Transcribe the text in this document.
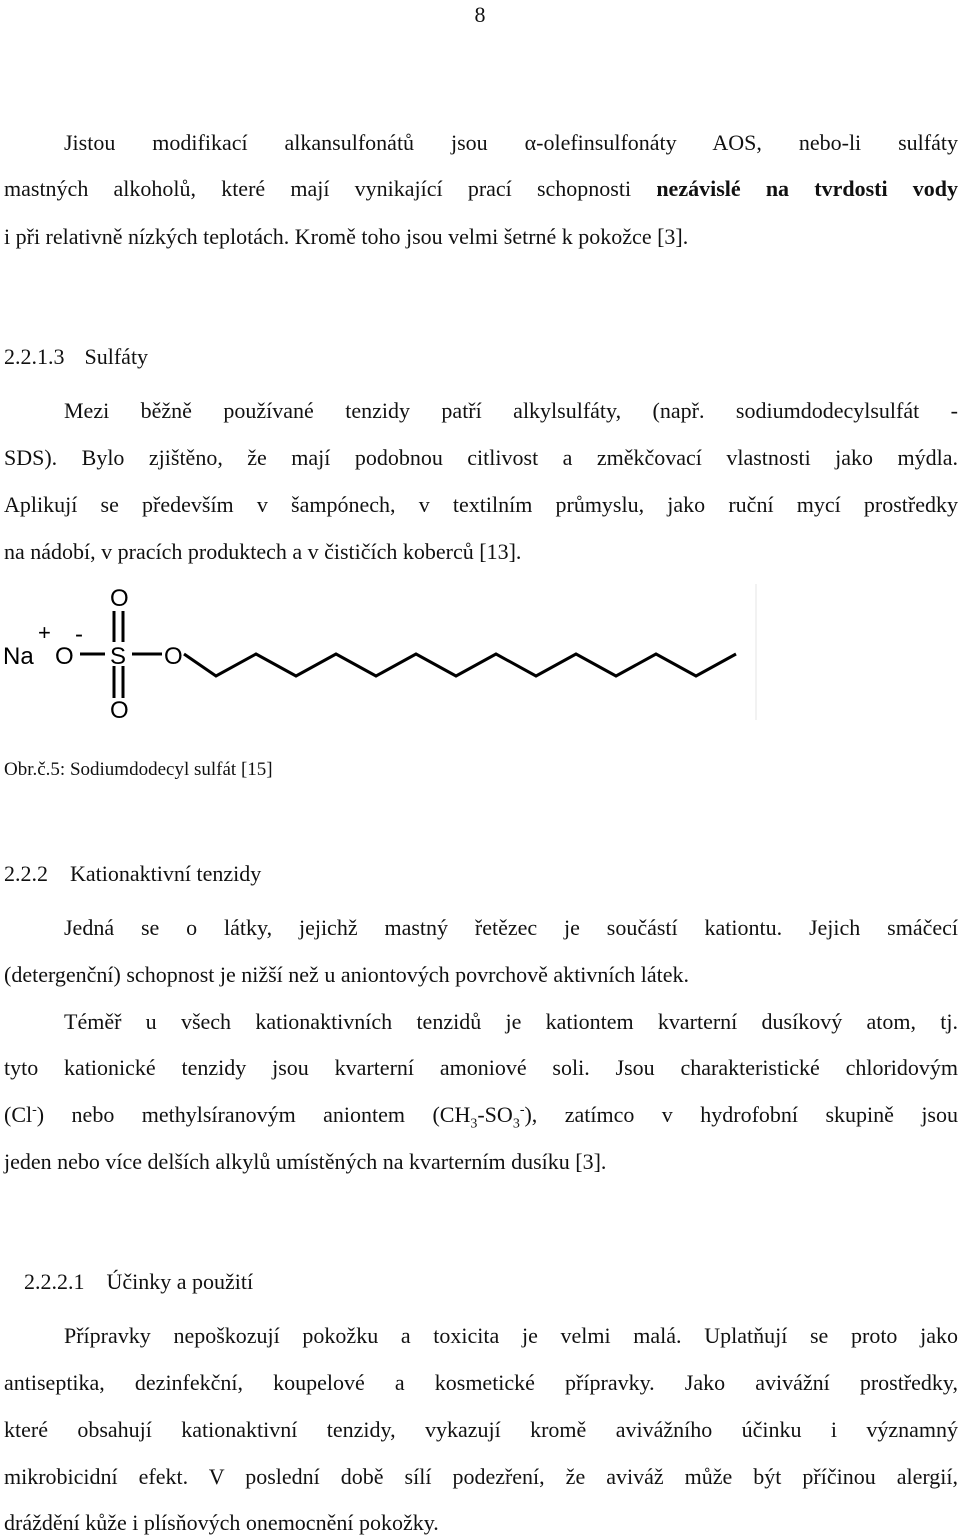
8
Jistou modifikací alkansulfonátů jsou α-olefinsulfonáty AOS, nebo-li sulfáty
mastných alkoholů, které mají vynikající prací schopnosti nezávislé na tvrdosti vody
i při relativně nízkých teplotách. Kromě toho jsou velmi šetrné k pokožce [3].
2.2.1.3 Sulfáty
Mezi běžně používané tenzidy patří alkylsulfáty, (např. sodiumdodecylsulfát -
SDS). Bylo zjištěno, že mají podobnou citlivost a změkčovací vlastnosti jako mýdla.
Aplikují se především v šampónech, v textilním průmyslu, jako ruční mycí prostředky
na nádobí, v pracích produktech a v čističích koberců [13].
Na
+
O
-
S
O
O
O
Obr.č.5: Sodiumdodecyl sulfát [15]
2.2.2 Kationaktivní tenzidy
Jedná se o látky, jejichž mastný řetězec je součástí kationtu. Jejich smáčecí
(detergenční) schopnost je nižší než u aniontových povrchově aktivních látek.
Téměř u všech kationaktivních tenzidů je kationtem kvarterní dusíkový atom, tj.
tyto kationické tenzidy jsou kvarterní amoniové soli. Jsou charakteristické chloridovým
(Cl-) nebo methylsíranovým aniontem $(CH_3-SO_3^-)$, zatímco v hydrofobní skupině jsou
jeden nebo více delších alkylů umístěných na kvarterním dusíku [3].
2.2.2.1 Účinky a použití
Přípravky nepoškozují pokožku a toxicita je velmi malá. Uplatňují se proto jako
antiseptika, dezinfekční, koupelové a kosmetické přípravky. Jako avivážní prostředky,
které obsahují kationaktivní tenzidy, vykazují kromě avivážního účinku i významný
mikrobicidní efekt. V poslední době sílí podezření, že aviváž může být příčinou alergií,
dráždění kůže i plísňových onemocnění pokožky.
